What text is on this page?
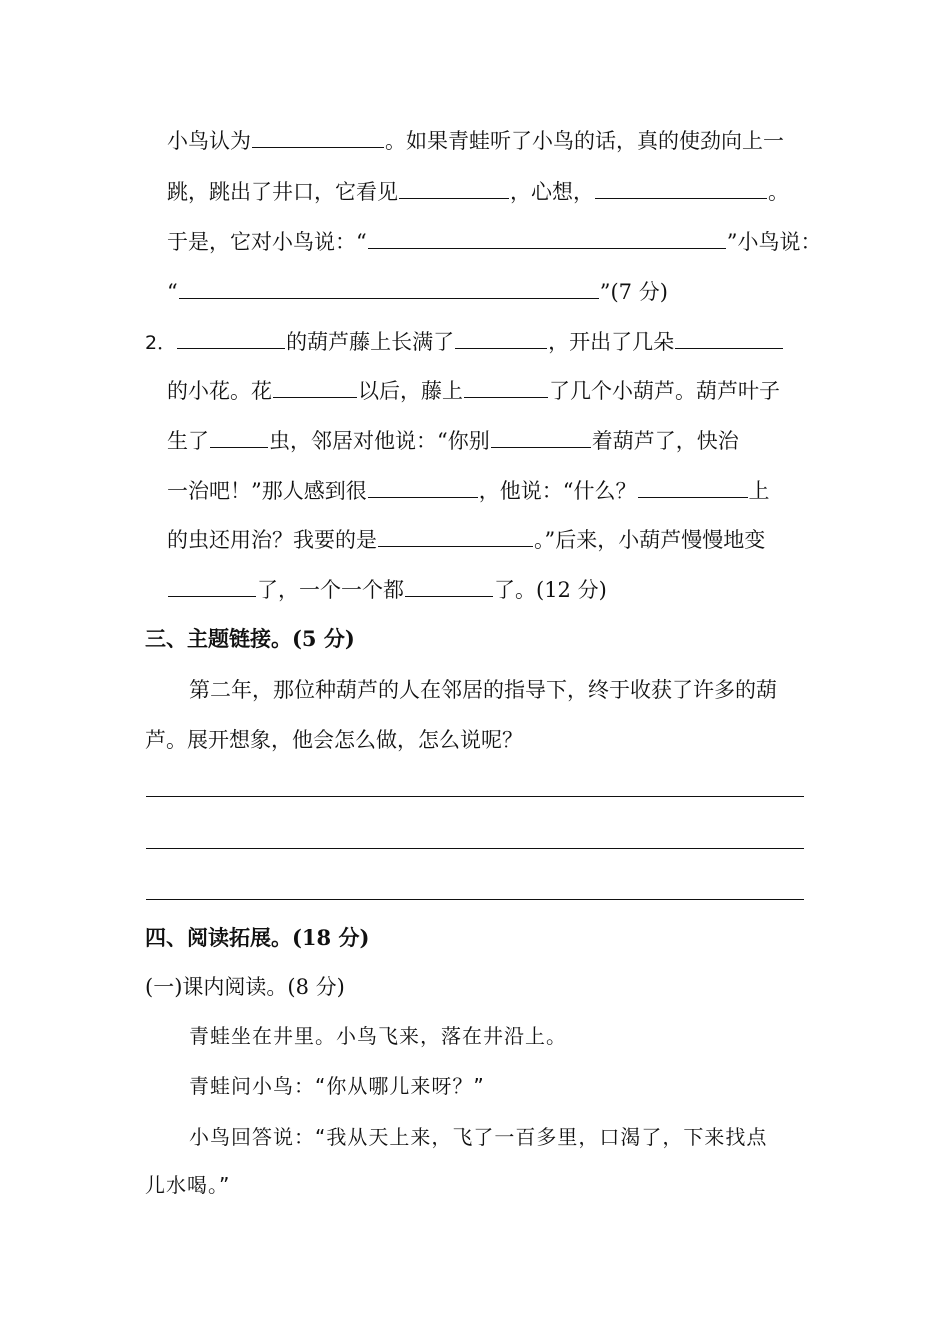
小鸟认为	。如果青蛙听了小鸟的话，真的使劲向上一
跳，跳出了井口，它看见	，心想，	。
于是，它对小鸟说：“	”小鸟说：
“	”(7 分)
2．	的葫芦藤上长满了	，开出了几朵
的小花。花	以后，藤上	了几个小葫芦。葫芦叶子
生了	虫，邻居对他说：“你别	着葫芦了，快治
一治吧！”那人感到很	，他说：“什么？	上
的虫还用治？我要的是	。”后来，小葫芦慢慢地变
了，一个一个都	了。(12 分)
三、主题链接。(5 分)
第二年，那位种葫芦的人在邻居的指导下，终于收获了许多的葫
芦。展开想象，他会怎么做，怎么说呢？
四、阅读拓展。(18 分)
(一)课内阅读。(8 分)
青蛙坐在井里。小鸟飞来，落在井沿上。
青蛙问小鸟：“你从哪儿来呀？”
小鸟回答说：“我从天上来，飞了一百多里，口渴了，下来找点
儿水喝。”
